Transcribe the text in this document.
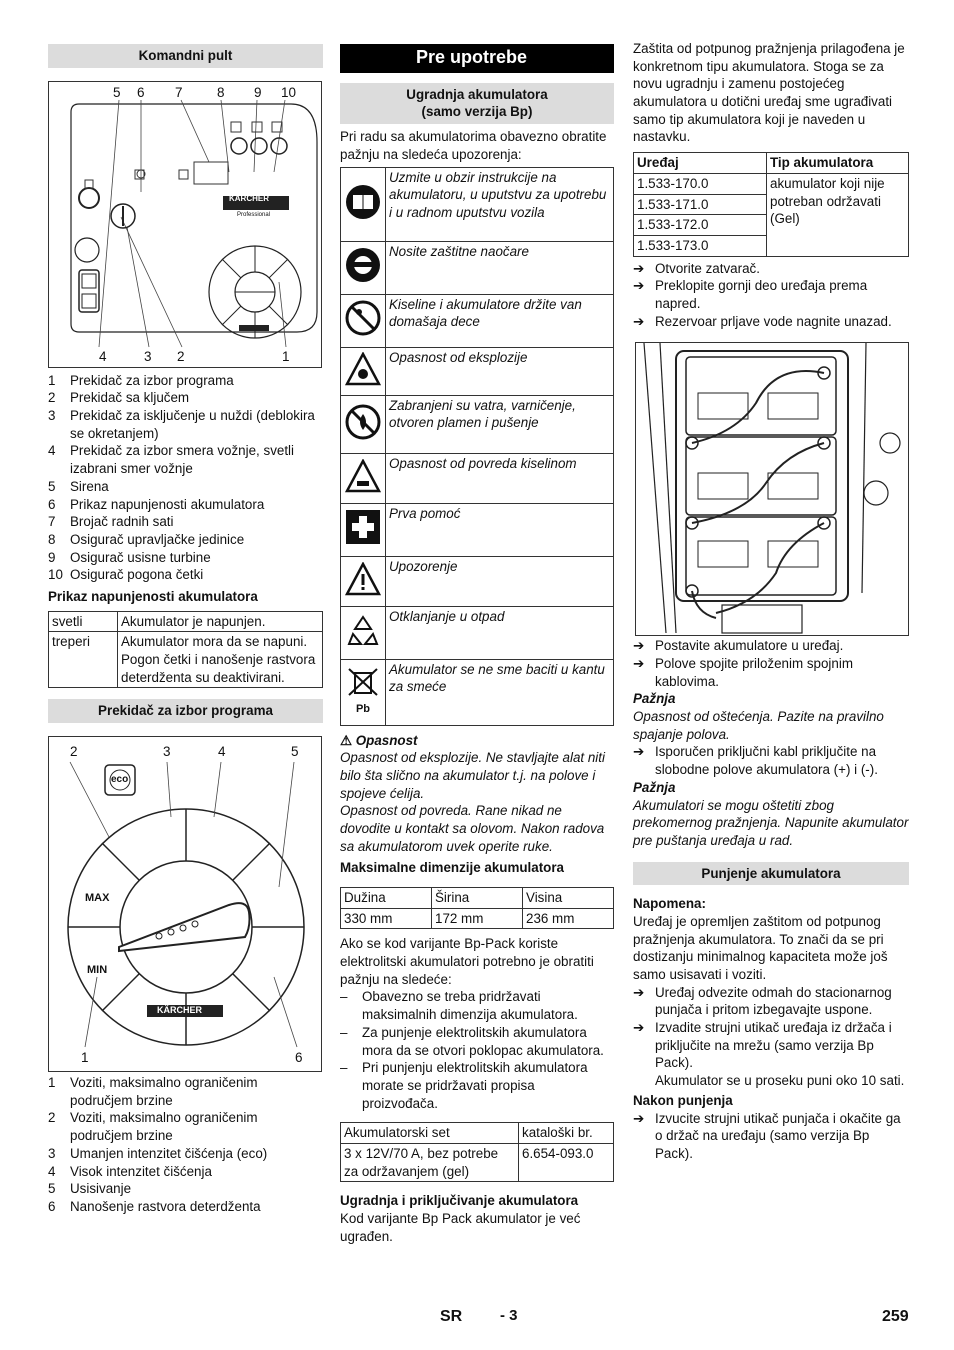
Komandni pult
5 6 7	8 9 10
4	3 2	1
KÄRCHER
Professional
1	Prekidač za izbor programa
2	Prekidač sa ključem
3	Prekidač za isključenje u nuždi (deblokira se okretanjem)
4	Prekidač za izbor smera vožnje, svetli izabrani smer vožnje
5	Sirena
6	Prikaz napunjenosti akumulatora
7	Brojač radnih sati
8	Osigurač upravljačke jedinice
9	Osigurač usisne turbine
10 Osigurač pogona četki
Prikaz napunjenosti akumulatora
svetli	Akumulator je napunjen.
treperi	Akumulator mora da se napuni. Pogon četki i nanošenje rastvora deterdženta su deaktivirani.
Prekidač za izbor programa
2	3	4	5
1	6
eco
MAX
MIN
KÄRCHER
1	Voziti, maksimalno ograničenim područjem brzine
2	Voziti, maksimalno ograničenim područjem brzine
3	Umanjen intenzitet čišćenja (eco)
4	Visok intenzitet čišćenja
5	Usisivanje
6	Nanošenje rastvora deterdženta
Pre upotrebe
Ugradnja akumulatora (samo verzija Bp)
Pri radu sa akumulatorima obavezno obratite pažnju na sledeća upozorenja:
	Uzmite u obzir instrukcije na akumulatoru, u uputstvu za upotrebu i u radnom uputstvu vozila
	Nosite zaštitne naočare
	Kiseline i akumulatore držite van domašaja dece
	Opasnost od eksplozije
	Zabranjeni su vatra, varničenje, otvoren plamen i pušenje
	Opasnost od povreda kiselinom
	Prva pomoć
	Upozorenje
	Otklanjanje u otpad

Pb	Akumulator se ne sme baciti u kantu za smeće
⚠ Opasnost
Opasnost od eksplozije. Ne stavljajte alat niti bilo šta slično na akumulator t.j. na polove i spojeve ćelija.
Opasnost od povreda. Rane nikad ne dovodite u kontakt sa olovom. Nakon radova sa akumulatorom uvek operite ruke.
Maksimalne dimenzije akumulatora
Dužina	Širina	Visina
330 mm	172 mm	236 mm
Ako se kod varijante Bp-Pack koriste elektrolitski akumulatori potrebno je obratiti pažnju na sledeće:
–	Obavezno se treba pridržavati maksimalnih dimenzija akumulatora.
–	Za punjenje elektrolitskih akumulatora mora da se otvori poklopac akumulatora.
–	Pri punjenju elektrolitskih akumulatora morate se pridržavati propisa proizvođača.
Akumulatorski set	kataloški br.
3 x 12V/70 A, bez potrebe za održavanjem (gel)	6.654-093.0
Ugradnja i priključivanje akumulatora
Kod varijante Bp Pack akumulator je već ugrađen.
Zaštita od potpunog pražnjenja prilagođena je konkretnom tipu akumulatora. Stoga se za novu ugradnju i zamenu postojećeg akumulatora u dotični uređaj sme ugrađivati samo tip akumulatora koji je naveden u nastavku.
Uređaj	Tip akumulatora
1.533-170.0	akumulator koji nije potreban održavati (Gel)
1.533-171.0	
1.533-172.0	
1.533-173.0	
➔ Otvorite zatvarač.
➔ Preklopite gornji deo uređaja prema napred.
➔ Rezervoar prljave vode nagnite unazad.
➔ Postavite akumulatore u uređaj.
➔ Polove spojite priloženim spojnim kablovima.
Pažnja
Opasnost od oštećenja. Pazite na pravilno spajanje polova.
➔ Isporučen priključni kabl priključite na slobodne polove akumulatora (+) i (-).
Pažnja
Akumulatori se mogu oštetiti zbog prekomernog pražnjenja. Napunite akumulator pre puštanja uređaja u rad.
Punjenje akumulatora
Napomena:
Uređaj je opremljen zaštitom od potpunog pražnjenja akumulatora. To znači da se pri dostizanju minimalnog kapaciteta može još samo usisavati i voziti.
➔ Uređaj odvezite odmah do stacionarnog punjača i pritom izbegavajte uspone.
➔ Izvadite strujni utikač uređaja iz držača i priključite na mrežu (samo verzija Bp Pack).
Akumulator se u proseku puni oko 10 sati.
Nakon punjenja
➔ Izvucite strujni utikač punjača i okačite ga o držač na uređaju (samo verzija Bp Pack).
SR	- 3	259
